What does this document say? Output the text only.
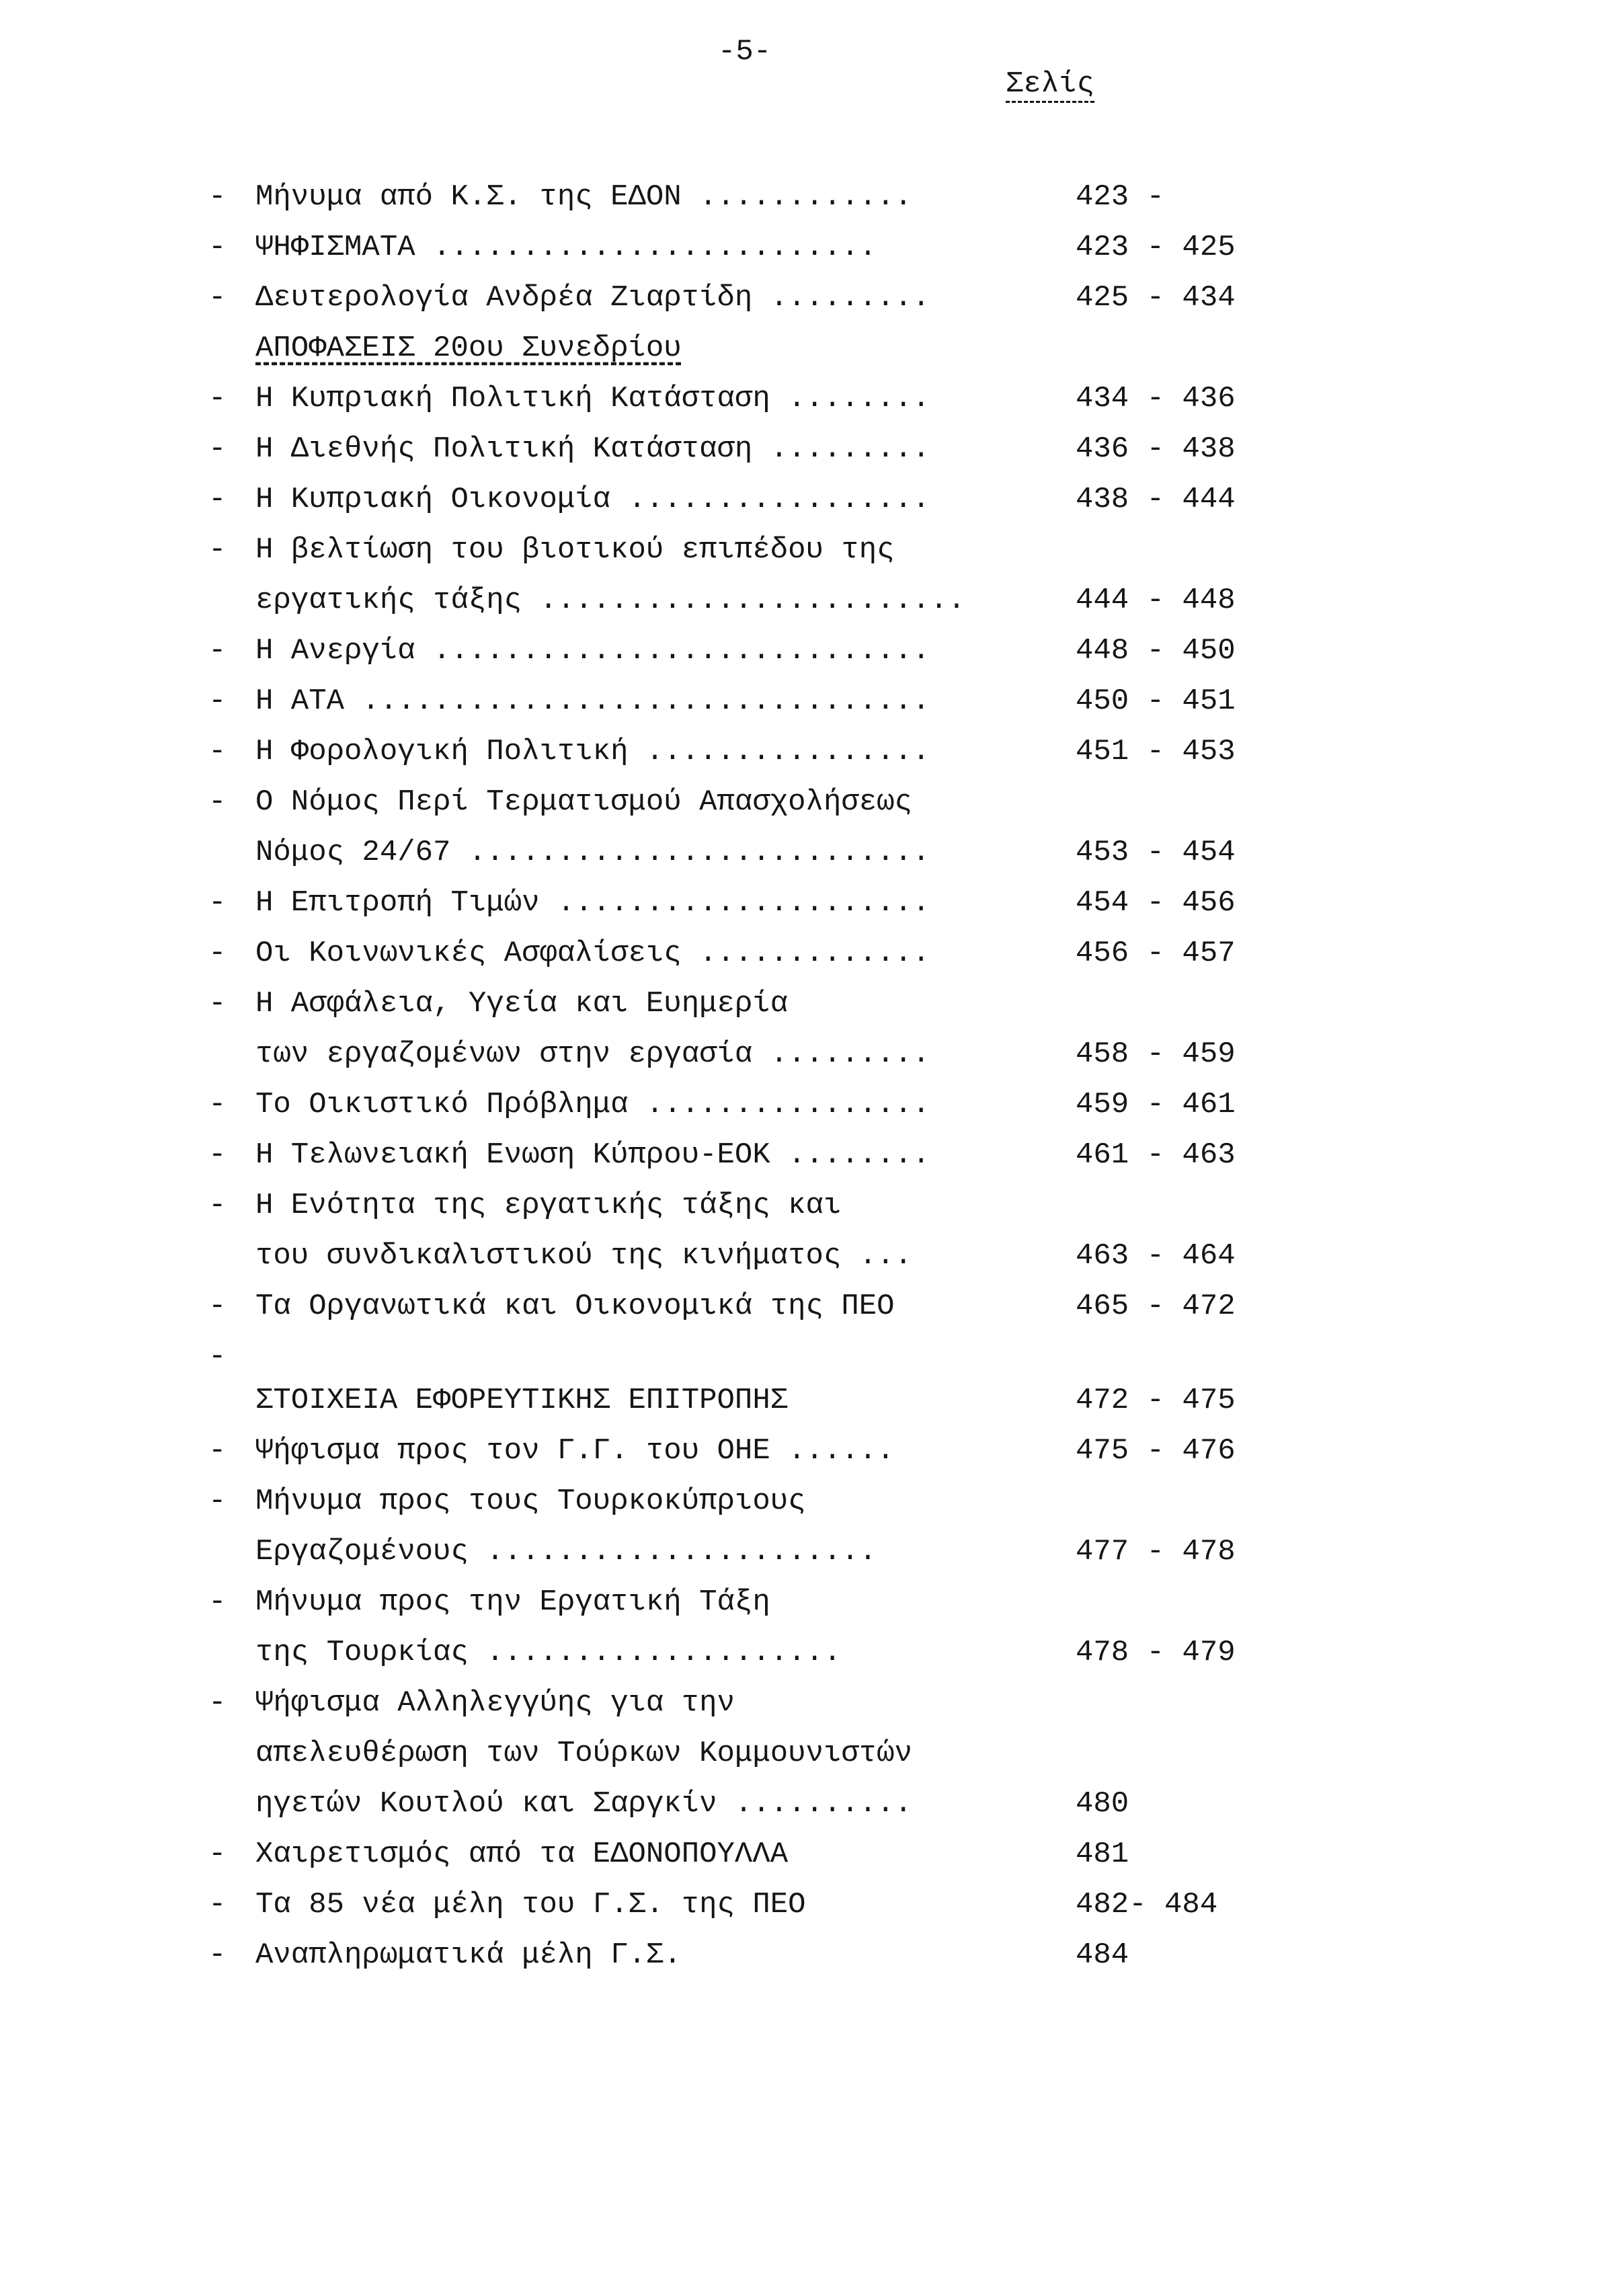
-5-
Σελίς
- Μήνυμα από Κ.Σ. της ΕΔΟΝ ............	423 -
- ΨΗΦΙΣΜΑΤΑ .........................	423 - 425
- Δευτερολογία Ανδρέα Ζιαρτίδη .........	425 - 434
ΑΠΟΦΑΣΕΙΣ 20ου Συνεδρίου
- Η Κυπριακή Πολιτική Κατάσταση ........	434 - 436
- Η Διεθνής Πολιτική Κατάσταση .........	436 - 438
- Η Κυπριακή Οικονομία .................	438 - 444
- Η βελτίωση του βιοτικού επιπέδου της
εργατικής τάξης ........................	444 - 448
- Η Ανεργία ............................	448 - 450
- Η ΑΤΑ ................................	450 - 451
- Η Φορολογική Πολιτική ................	451 - 453
- Ο Νόμος Περί Τερματισμού Απασχολήσεως
Νόμος 24/67 ..........................	453 - 454
- Η Επιτροπή Τιμών .....................	454 - 456
- Οι Κοινωνικές Ασφαλίσεις .............	456 - 457
- Η Ασφάλεια, Υγεία και Ευημερία
των εργαζομένων στην εργασία .........	458 - 459
- Το Οικιστικό Πρόβλημα ................	459 - 461
- Η Τελωνειακή Ενωση Κύπρου-ΕΟΚ ........	461 - 463
- Η Ενότητα της εργατικής τάξης και
του συνδικαλιστικού της κινήματος ...	463 - 464
- Τα Οργανωτικά και Οικονομικά της ΠΕΟ	465 - 472
-
ΣΤΟΙΧΕΙΑ ΕΦΟΡΕΥΤΙΚΗΣ ΕΠΙΤΡΟΠΗΣ	472 - 475
- Ψήφισμα προς τον Γ.Γ. του ΟΗΕ ......	475 - 476
- Μήνυμα προς τους Τουρκοκύπριους
Εργαζομένους ......................	477 - 478
- Μήνυμα προς την Εργατική Τάξη
της Τουρκίας ....................	478 - 479
- Ψήφισμα Αλληλεγγύης για την
απελευθέρωση των Τούρκων Κομμουνιστών
ηγετών Κουτλού και Σαργκίν ..........	480
- Χαιρετισμός από τα ΕΔΟΝΟΠΟΥΛΛΑ	481
- Τα 85 νέα μέλη του Γ.Σ. της ΠΕΟ	482- 484
- Αναπληρωματικά μέλη Γ.Σ.	484
